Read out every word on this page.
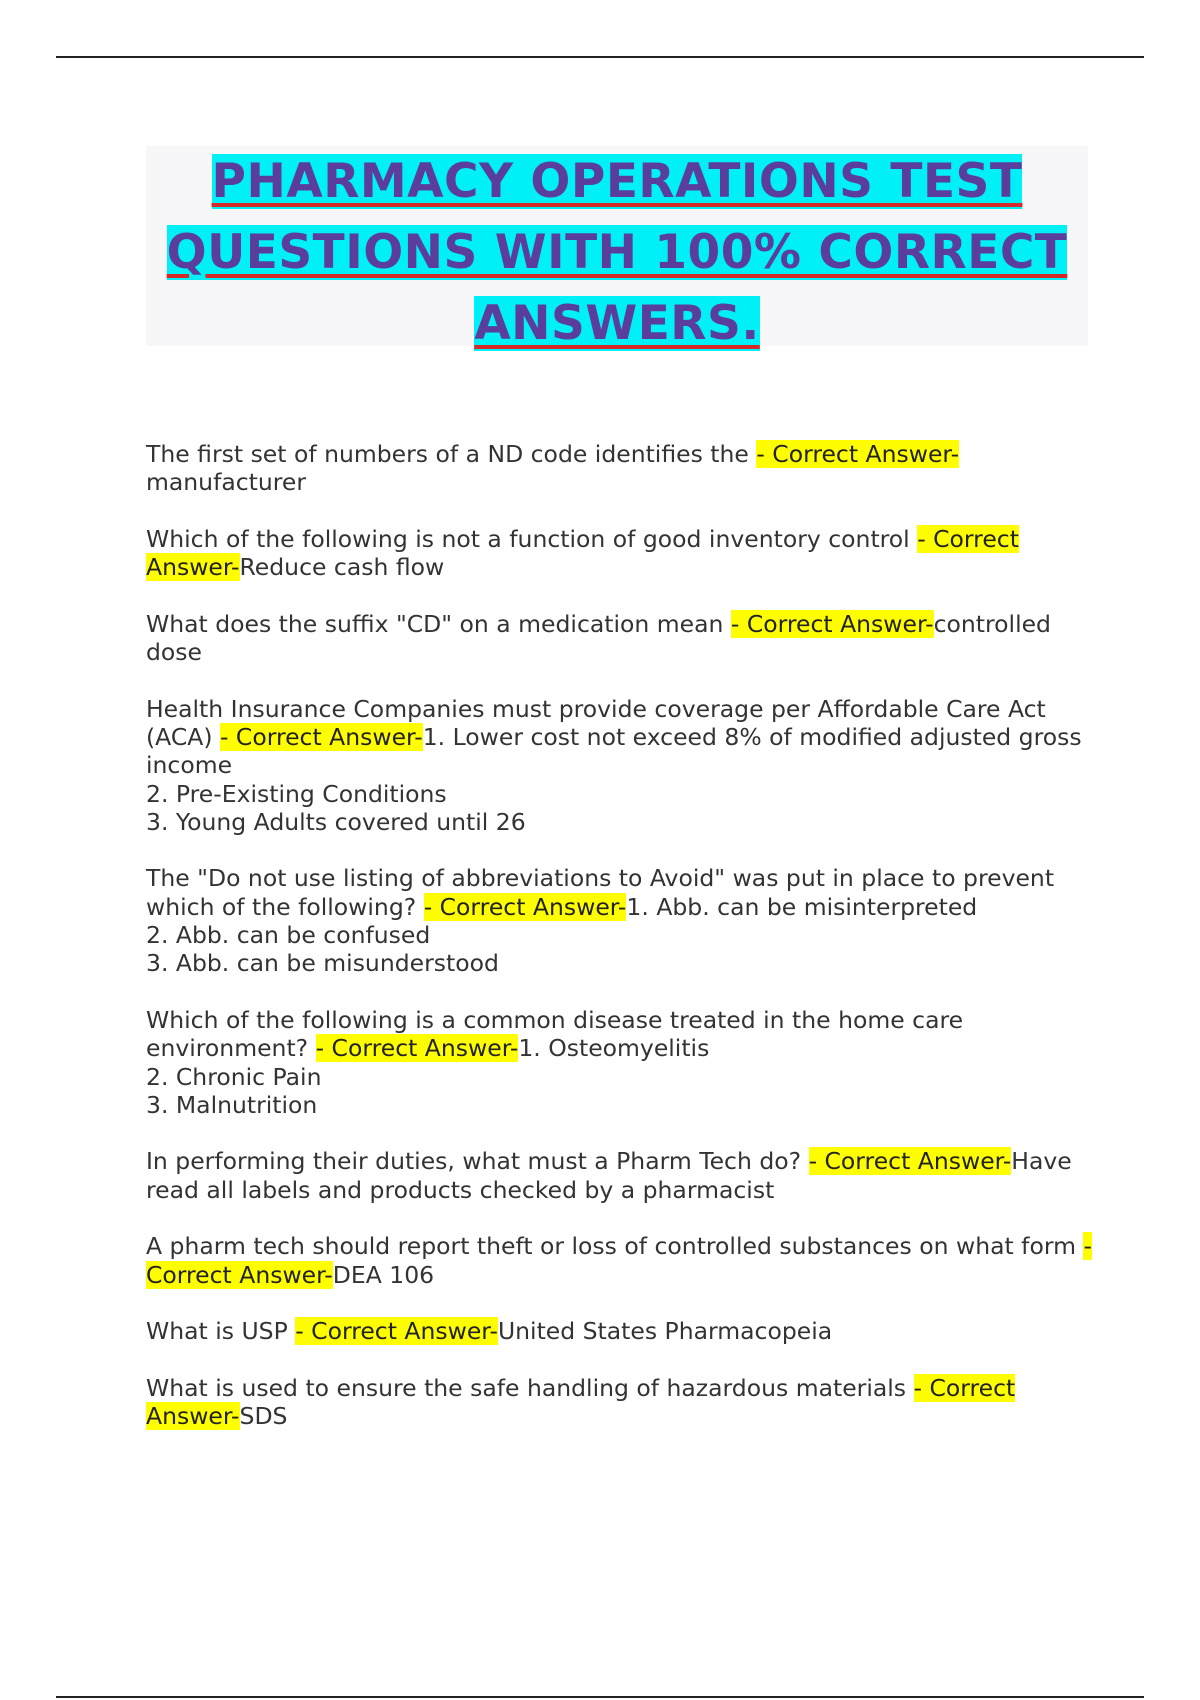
PHARMACY OPERATIONS TEST
QUESTIONS WITH 100% CORRECT
ANSWERS.

The first set of numbers of a ND code identifies the - Correct Answer-manufacturer

Which of the following is not a function of good inventory control - Correct Answer-Reduce cash flow

What does the suffix "CD" on a medication mean - Correct Answer-controlled dose

Health Insurance Companies must provide coverage per Affordable Care Act (ACA) - Correct Answer-1. Lower cost not exceed 8% of modified adjusted gross income
2. Pre-Existing Conditions
3. Young Adults covered until 26

The "Do not use listing of abbreviations to Avoid" was put in place to prevent which of the following? - Correct Answer-1. Abb. can be misinterpreted
2. Abb. can be confused
3. Abb. can be misunderstood

Which of the following is a common disease treated in the home care environment? - Correct Answer-1. Osteomyelitis
2. Chronic Pain
3. Malnutrition

In performing their duties, what must a Pharm Tech do? - Correct Answer-Have read all labels and products checked by a pharmacist

A pharm tech should report theft or loss of controlled substances on what form - Correct Answer-DEA 106

What is USP - Correct Answer-United States Pharmacopeia

What is used to ensure the safe handling of hazardous materials - Correct Answer-SDS
